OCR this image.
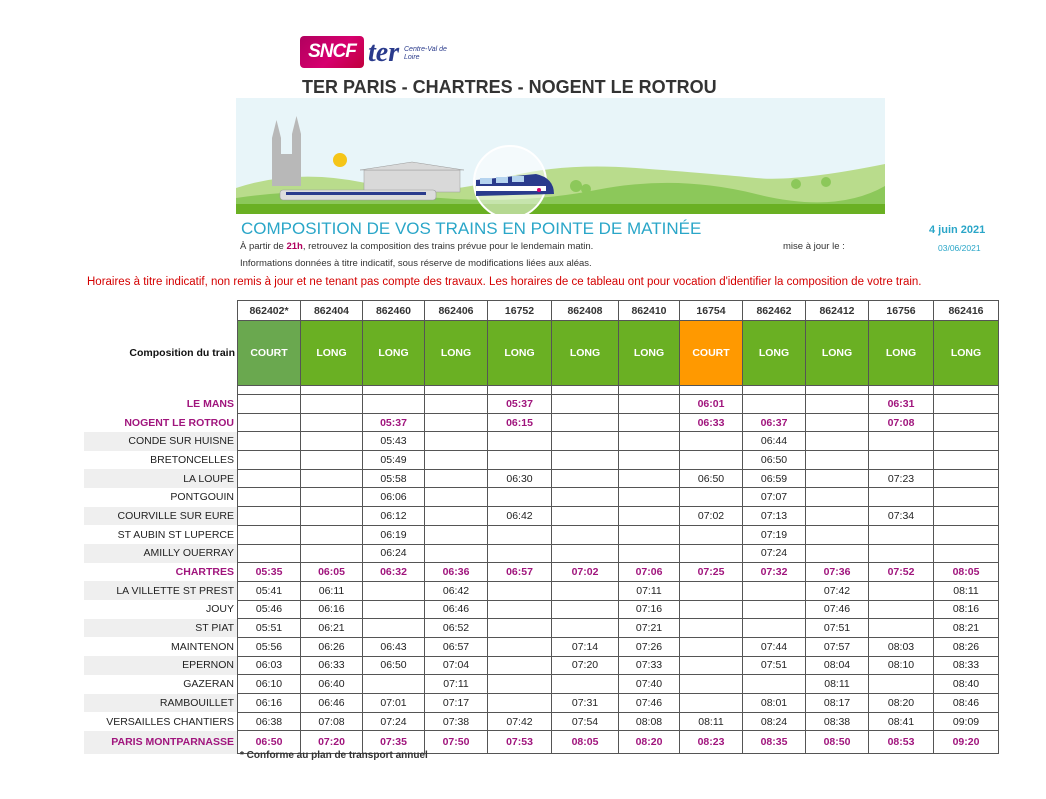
SNCF ter Centre-Val de Loire
TER PARIS - CHARTRES - NOGENT LE ROTROU
COMPOSITION DE VOS TRAINS EN POINTE DE MATINÉE	4 juin 2021
À partir de 21h, retrouvez la composition des trains prévue pour le lendemain matin.	mise à jour le :	03/06/2021
Informations données à titre indicatif, sous réserve de modifications liées aux aléas.
Horaires à titre indicatif, non remis à jour et ne tenant pas compte des travaux. Les horaires de ce tableau ont pour vocation d'identifier la composition de votre train.
	862402*	862404	862460	862406	16752	862408	862410	16754	862462	862412	16756	862416
Composition du train	COURT	LONG	LONG	LONG	LONG	LONG	LONG	COURT	LONG	LONG	LONG	LONG

LE MANS					05:37			06:01			06:31	
NOGENT LE ROTROU			05:37		06:15			06:33	06:37		07:08	
CONDE SUR HUISNE			05:43						06:44			
BRETONCELLES			05:49						06:50			
LA LOUPE			05:58		06:30			06:50	06:59		07:23	
PONTGOUIN			06:06						07:07			
COURVILLE SUR EURE			06:12		06:42			07:02	07:13		07:34	
ST AUBIN ST LUPERCE			06:19						07:19			
AMILLY OUERRAY			06:24						07:24			
CHARTRES	05:35	06:05	06:32	06:36	06:57	07:02	07:06	07:25	07:32	07:36	07:52	08:05
LA VILLETTE ST PREST	05:41	06:11		06:42			07:11			07:42		08:11
JOUY	05:46	06:16		06:46			07:16			07:46		08:16
ST PIAT	05:51	06:21		06:52			07:21			07:51		08:21
MAINTENON	05:56	06:26	06:43	06:57		07:14	07:26		07:44	07:57	08:03	08:26
EPERNON	06:03	06:33	06:50	07:04		07:20	07:33		07:51	08:04	08:10	08:33
GAZERAN	06:10	06:40		07:11			07:40			08:11		08:40
RAMBOUILLET	06:16	06:46	07:01	07:17		07:31	07:46		08:01	08:17	08:20	08:46
VERSAILLES CHANTIERS	06:38	07:08	07:24	07:38	07:42	07:54	08:08	08:11	08:24	08:38	08:41	09:09
PARIS MONTPARNASSE	06:50	07:20	07:35	07:50	07:53	08:05	08:20	08:23	08:35	08:50	08:53	09:20
* Conforme au plan de transport annuel
